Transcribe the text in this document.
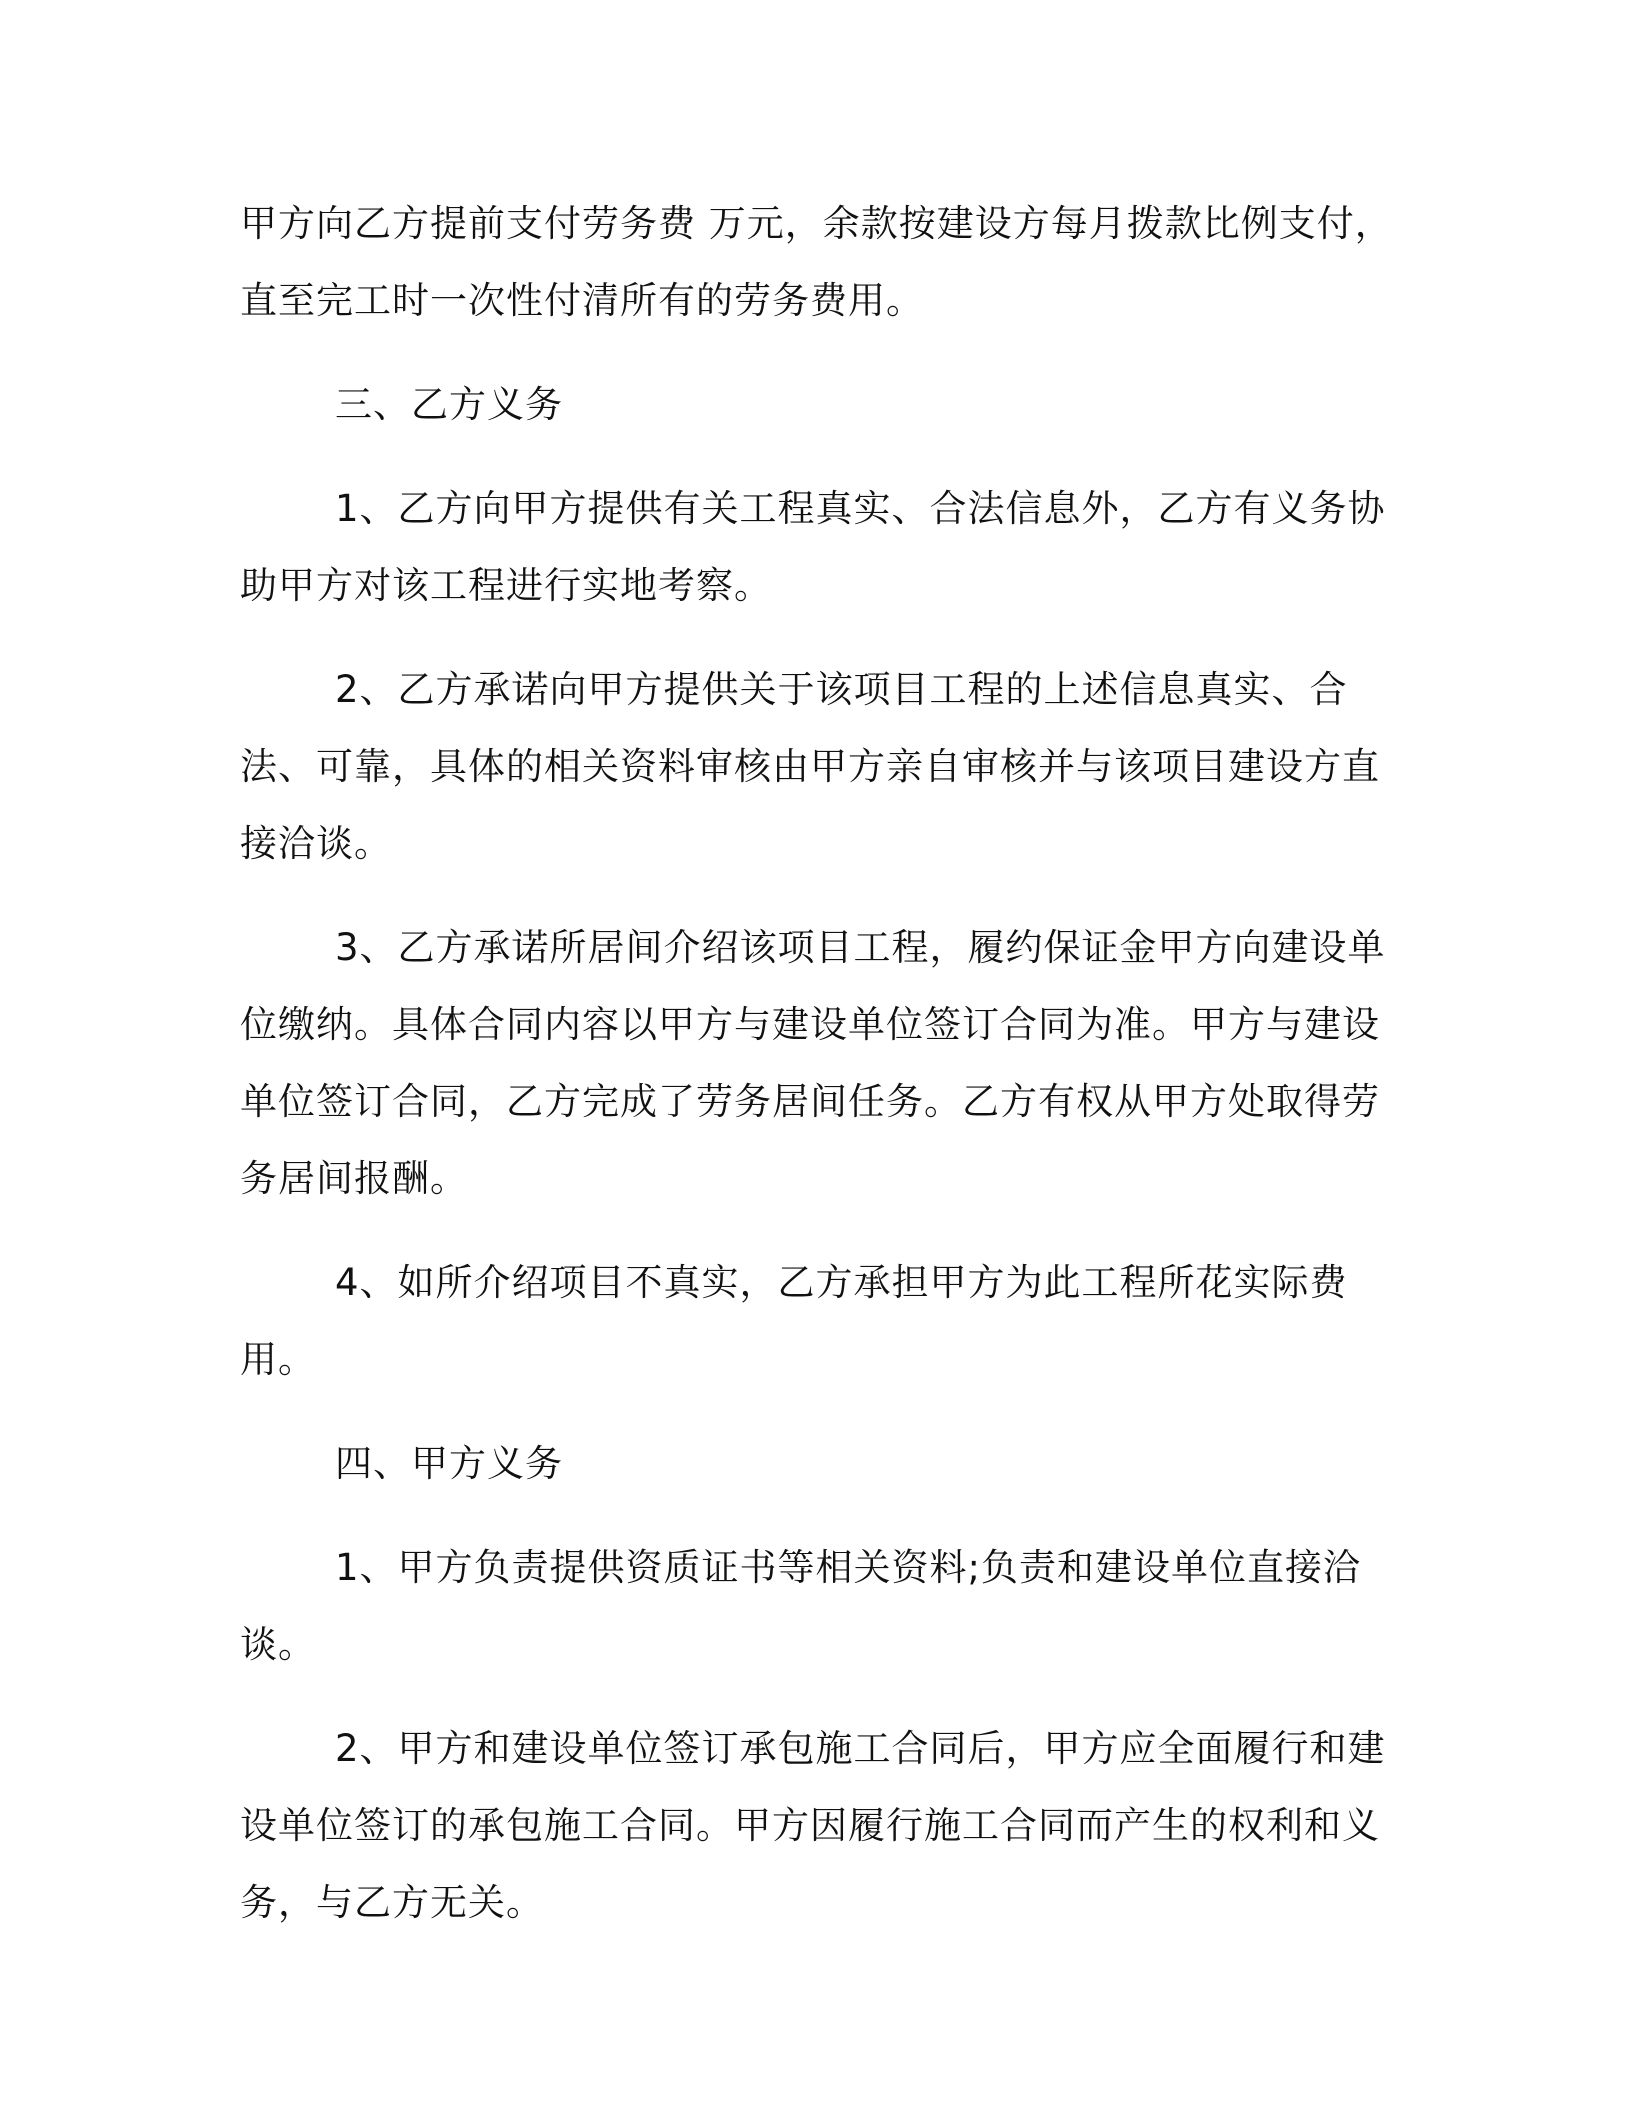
甲方向乙方提前支付劳务费 万元，余款按建设方每月拨款比例支付，直至完工时一次性付清所有的劳务费用。

三、乙方义务

1、乙方向甲方提供有关工程真实、合法信息外，乙方有义务协助甲方对该工程进行实地考察。

2、乙方承诺向甲方提供关于该项目工程的上述信息真实、合法、可靠，具体的相关资料审核由甲方亲自审核并与该项目建设方直接洽谈。

3、乙方承诺所居间介绍该项目工程，履约保证金甲方向建设单位缴纳。具体合同内容以甲方与建设单位签订合同为准。甲方与建设单位签订合同，乙方完成了劳务居间任务。乙方有权从甲方处取得劳务居间报酬。

4、如所介绍项目不真实，乙方承担甲方为此工程所花实际费用。

四、甲方义务

1、甲方负责提供资质证书等相关资料;负责和建设单位直接洽谈。

2、甲方和建设单位签订承包施工合同后，甲方应全面履行和建设单位签订的承包施工合同。甲方因履行施工合同而产生的权利和义务，与乙方无关。
